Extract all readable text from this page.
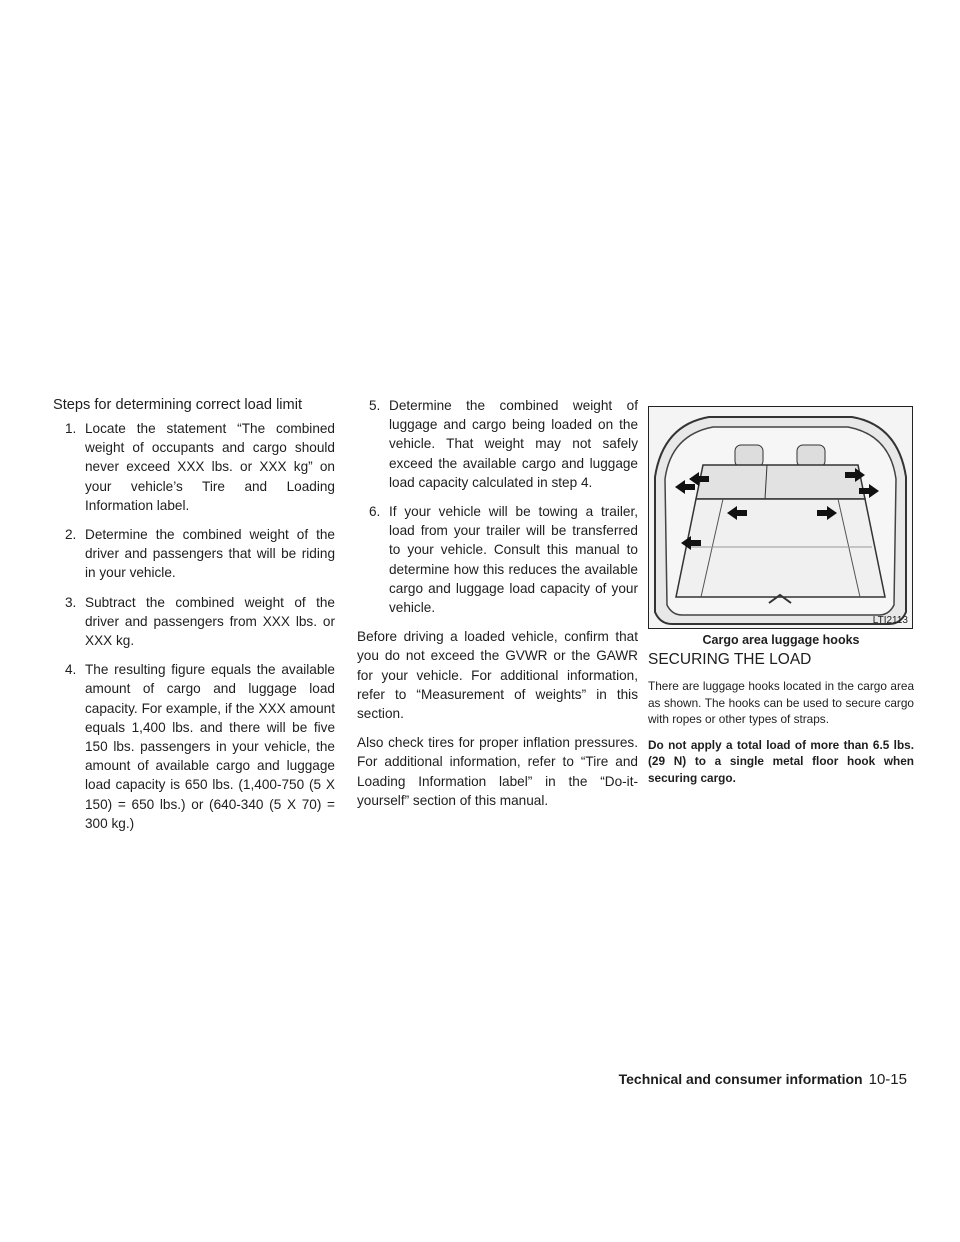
Steps for determining correct load limit
1. Locate the statement “The combined weight of occupants and cargo should never exceed XXX lbs. or XXX kg” on your vehicle’s Tire and Loading Information label.
2. Determine the combined weight of the driver and passengers that will be riding in your vehicle.
3. Subtract the combined weight of the driver and passengers from XXX lbs. or XXX kg.
4. The resulting figure equals the available amount of cargo and luggage load capacity. For example, if the XXX amount equals 1,400 lbs. and there will be five 150 lbs. passengers in your vehicle, the amount of available cargo and luggage load capacity is 650 lbs. (1,400-750 (5 X 150) = 650 lbs.) or (640-340 (5 X 70) = 300 kg.)
5. Determine the combined weight of luggage and cargo being loaded on the vehicle. That weight may not safely exceed the available cargo and luggage load capacity calculated in step 4.
6. If your vehicle will be towing a trailer, load from your trailer will be transferred to your vehicle. Consult this manual to determine how this reduces the available cargo and luggage load capacity of your vehicle.

Before driving a loaded vehicle, confirm that you do not exceed the GVWR or the GAWR for your vehicle. For additional information, refer to “Measurement of weights” in this section.

Also check tires for proper inflation pressures. For additional information, refer to “Tire and Loading Information label” in the “Do-it-yourself” section of this manual.

LTI2113
Cargo area luggage hooks
SECURING THE LOAD

There are luggage hooks located in the cargo area as shown. The hooks can be used to secure cargo with ropes or other types of straps.

Do not apply a total load of more than 6.5 lbs. (29 N) to a single metal floor hook when securing cargo.

Technical and consumer information 10-15
